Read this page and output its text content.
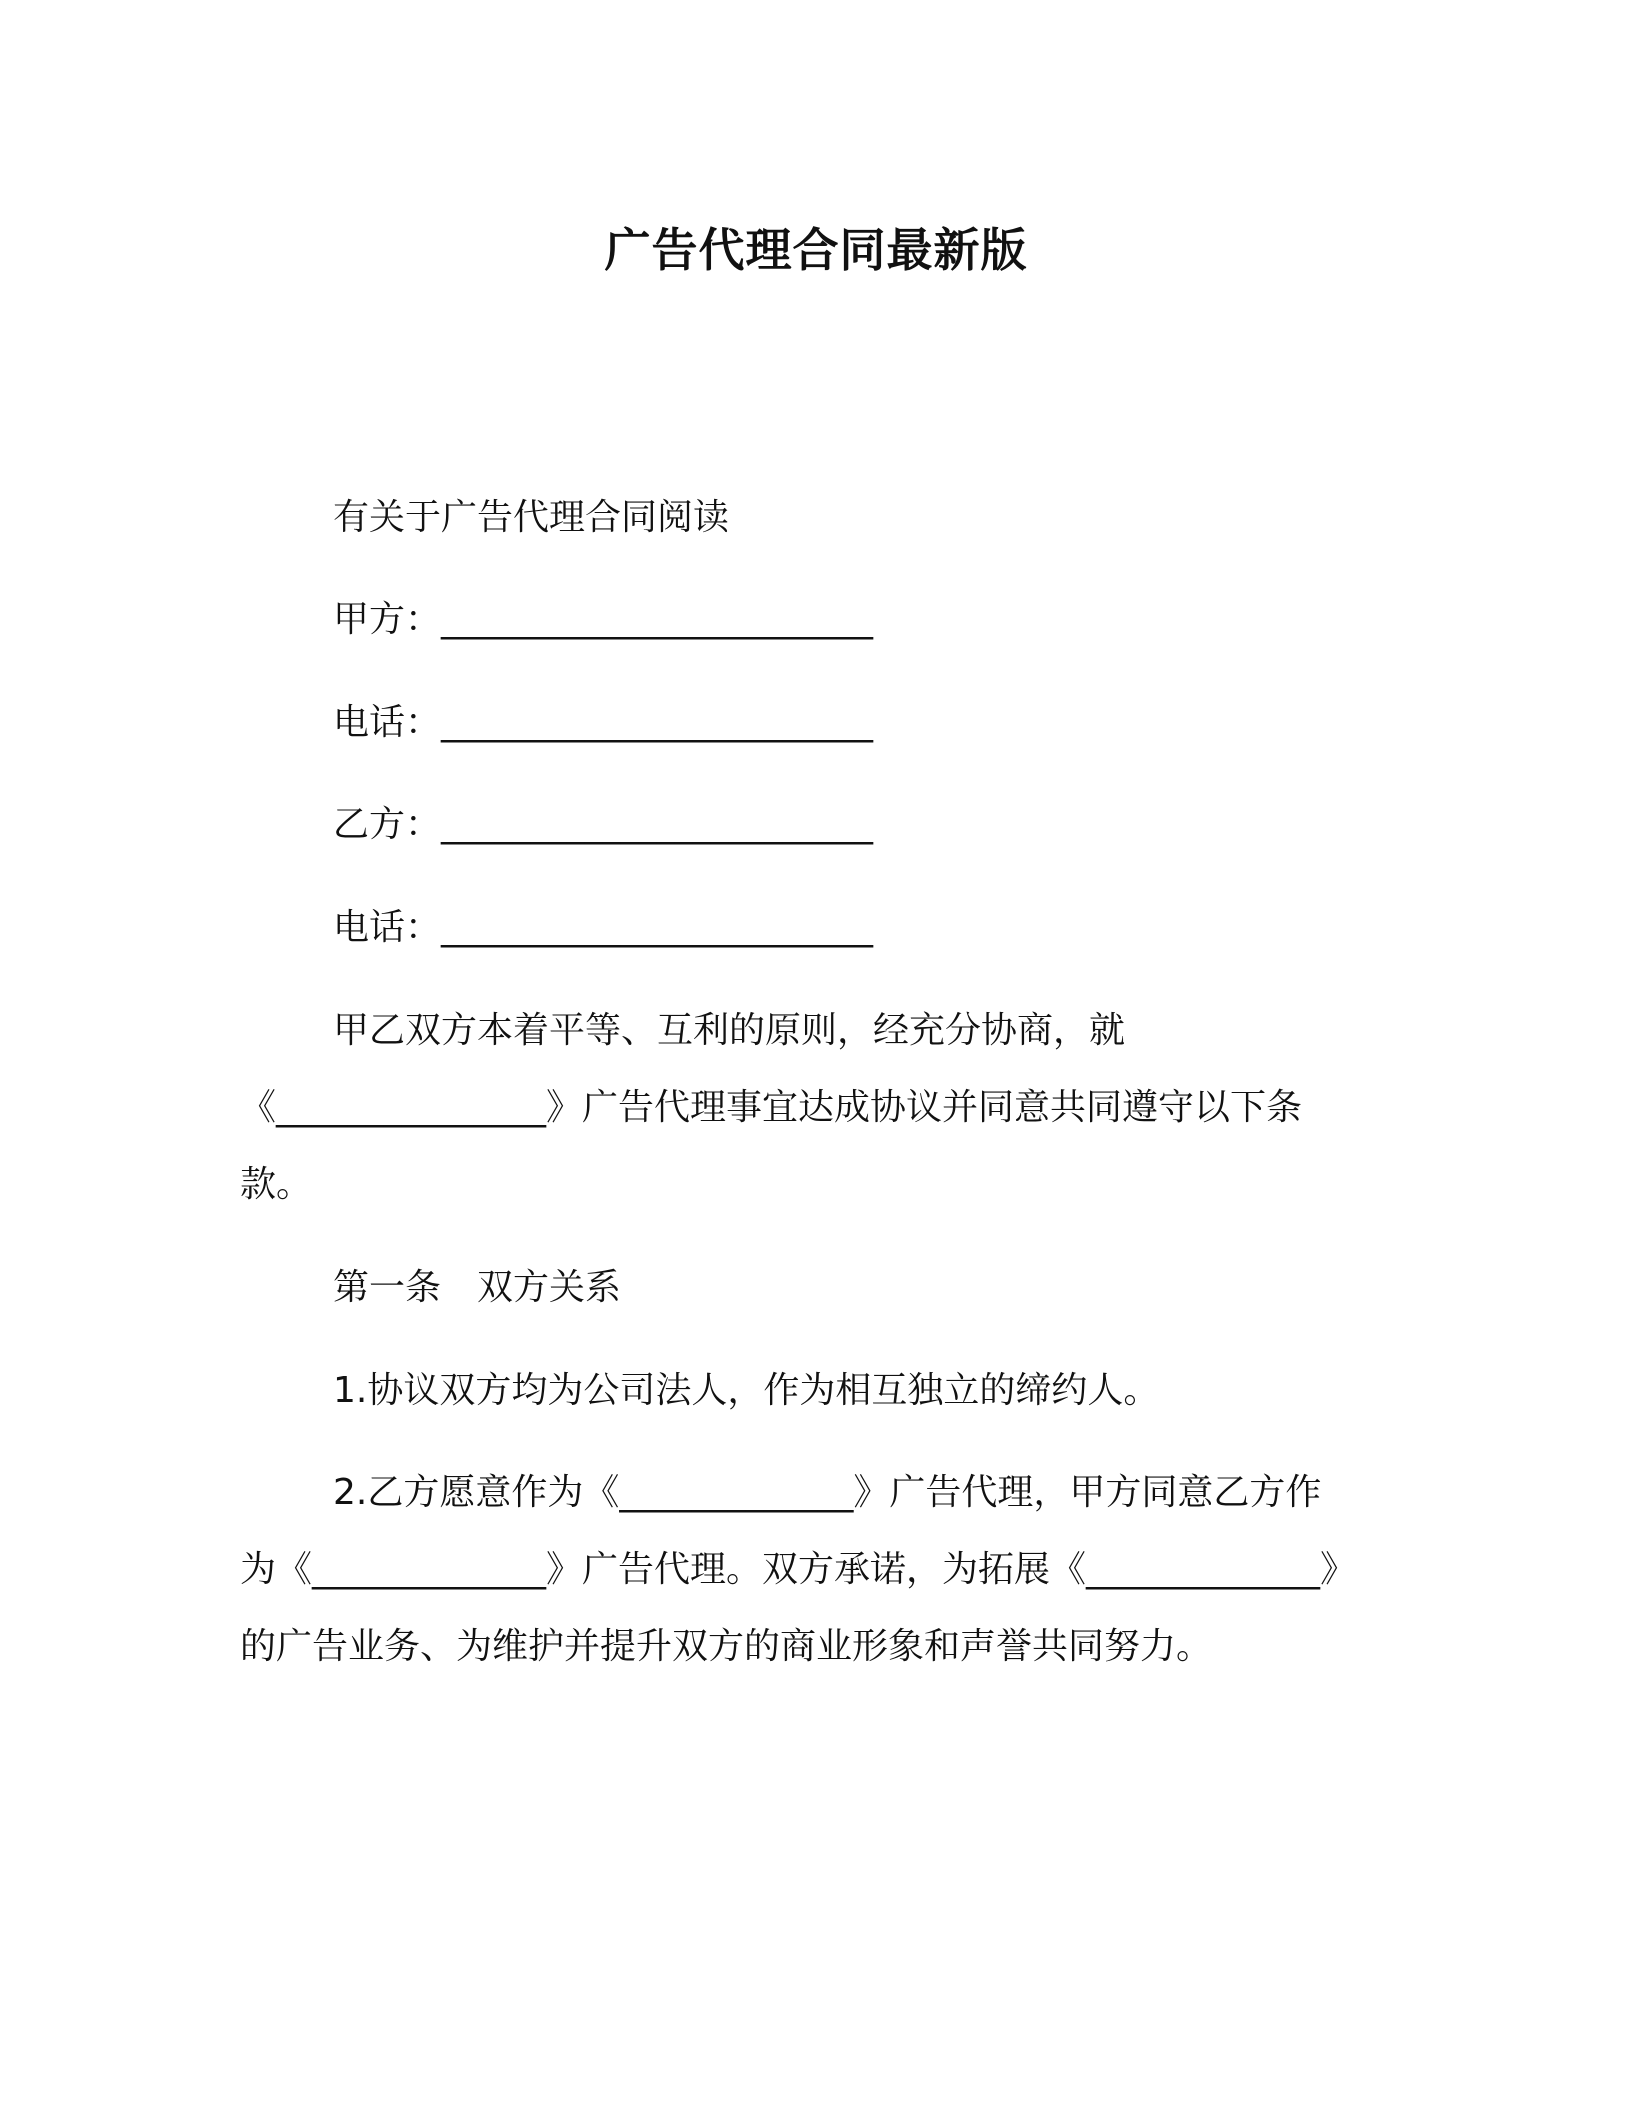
广告代理合同最新版
有关于广告代理合同阅读
甲方：________________________
电话：________________________
乙方：________________________
电话：________________________
甲乙双方本着平等、互利的原则，经充分协商，就
《_______________》广告代理事宜达成协议并同意共同遵守以下条
款。
第一条　双方关系
1.协议双方均为公司法人，作为相互独立的缔约人。
2.乙方愿意作为《_____________》广告代理，甲方同意乙方作
为《_____________》广告代理。双方承诺，为拓展《_____________》
的广告业务、为维护并提升双方的商业形象和声誉共同努力。
